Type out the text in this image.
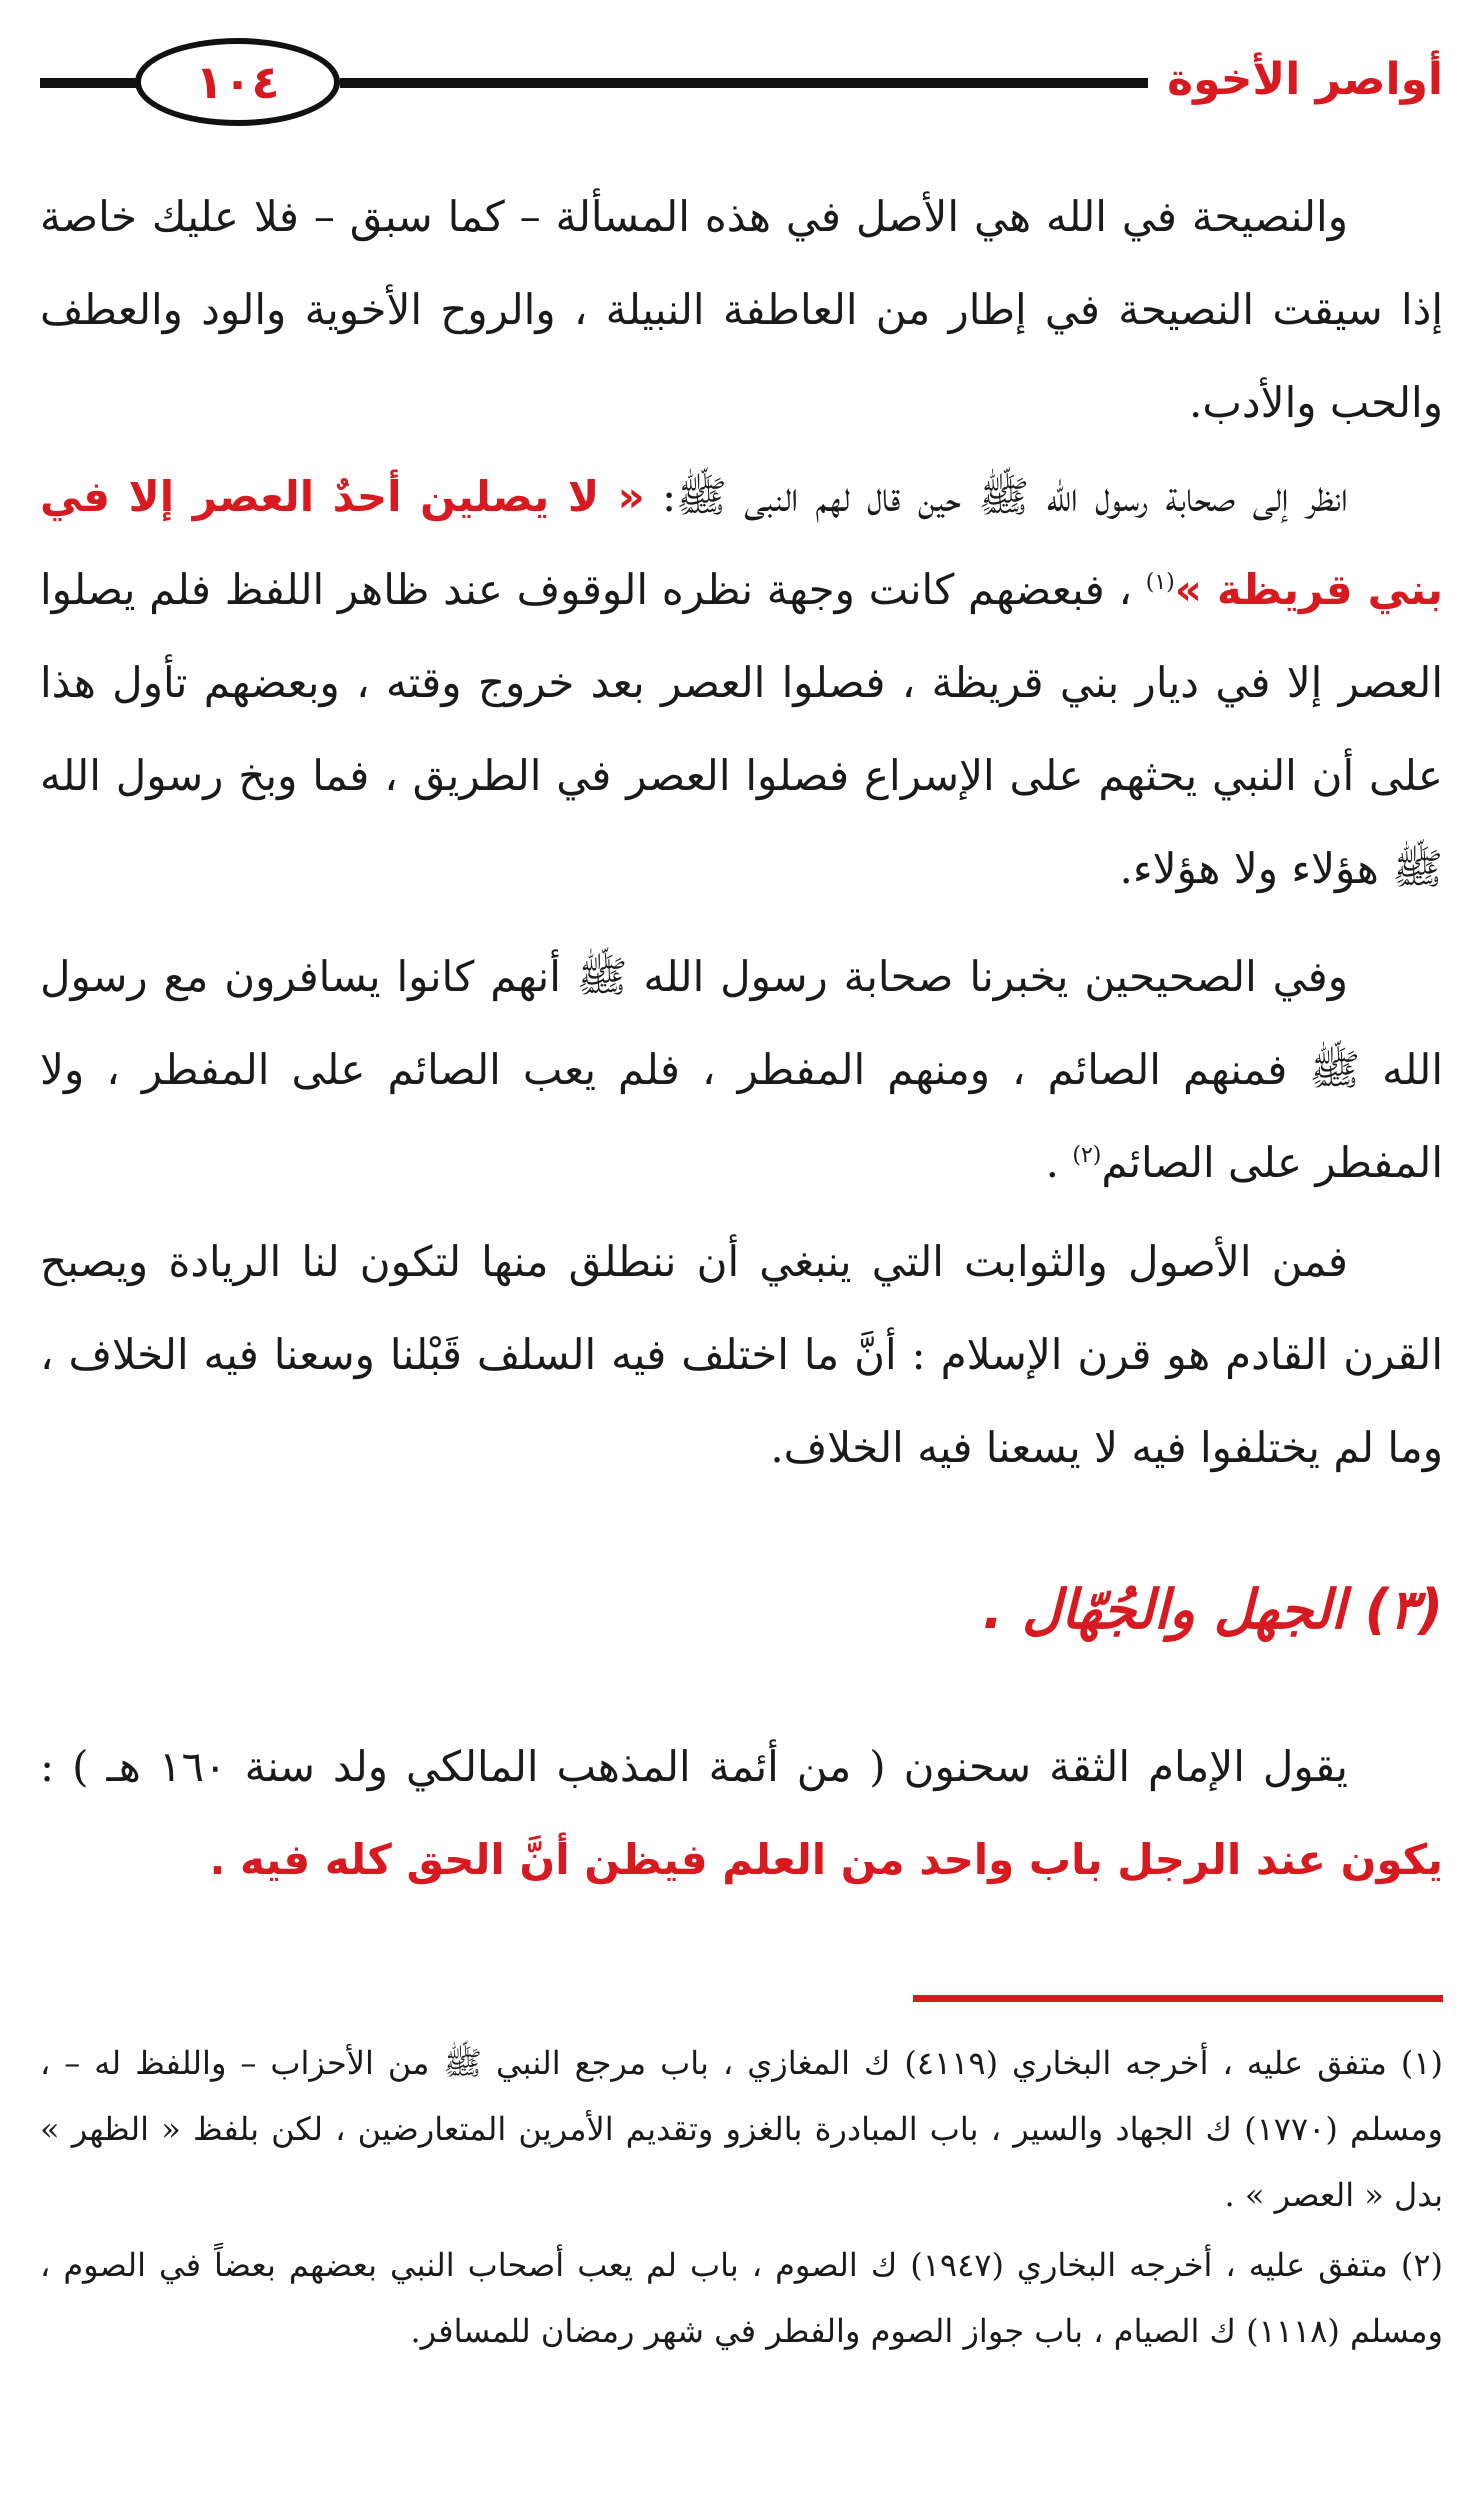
١٠٤	أواصر الأخوة

والنصيحة في الله هي الأصل في هذه المسألة – كما سبق – فلا عليك خاصة إذا سيقت النصيحة في إطار من العاطفة النبيلة ، والروح الأخوية والود والعطف والحب والأدب.

انظر إلى صحابة رسول الله ﷺ حين قال لهم النبى ﷺ: « لا يصلين أحدٌ العصر إلا في بني قريظة »$^{(١)}$ ، فبعضهم كانت وجهة نظره الوقوف عند ظاهر اللفظ فلم يصلوا العصر إلا في ديار بني قريظة ، فصلوا العصر بعد خروج وقته ، وبعضهم تأول هذا على أن النبي يحثهم على الإسراع فصلوا العصر في الطريق ، فما وبخ رسول الله ﷺ هؤلاء ولا هؤلاء.

وفي الصحيحين يخبرنا صحابة رسول الله ﷺ أنهم كانوا يسافرون مع رسول الله ﷺ فمنهم الصائم ، ومنهم المفطر ، فلم يعب الصائم على المفطر ، ولا المفطر على الصائم$^{(٢)}$ .

فمن الأصول والثوابت التي ينبغي أن ننطلق منها لتكون لنا الريادة ويصبح القرن القادم هو قرن الإسلام : أنَّ ما اختلف فيه السلف قَبْلنا وسعنا فيه الخلاف ، وما لم يختلفوا فيه لا يسعنا فيه الخلاف.

(٣) الجهل والجُهّال .

يقول الإمام الثقة سحنون ( من أئمة المذهب المالكي ولد سنة ١٦٠ هـ ) : يكون عند الرجل باب واحد من العلم فيظن أنَّ الحق كله فيه .

(١) متفق عليه ، أخرجه البخاري (٤١١٩) ك المغازي ، باب مرجع النبي ﷺ من الأحزاب – واللفظ له – ، ومسلم (١٧٧٠) ك الجهاد والسير ، باب المبادرة بالغزو وتقديم الأمرين المتعارضين ، لكن بلفظ « الظهر » بدل « العصر » .

(٢) متفق عليه ، أخرجه البخاري (١٩٤٧) ك الصوم ، باب لم يعب أصحاب النبي بعضهم بعضاً في الصوم ، ومسلم (١١١٨) ك الصيام ، باب جواز الصوم والفطر في شهر رمضان للمسافر.
